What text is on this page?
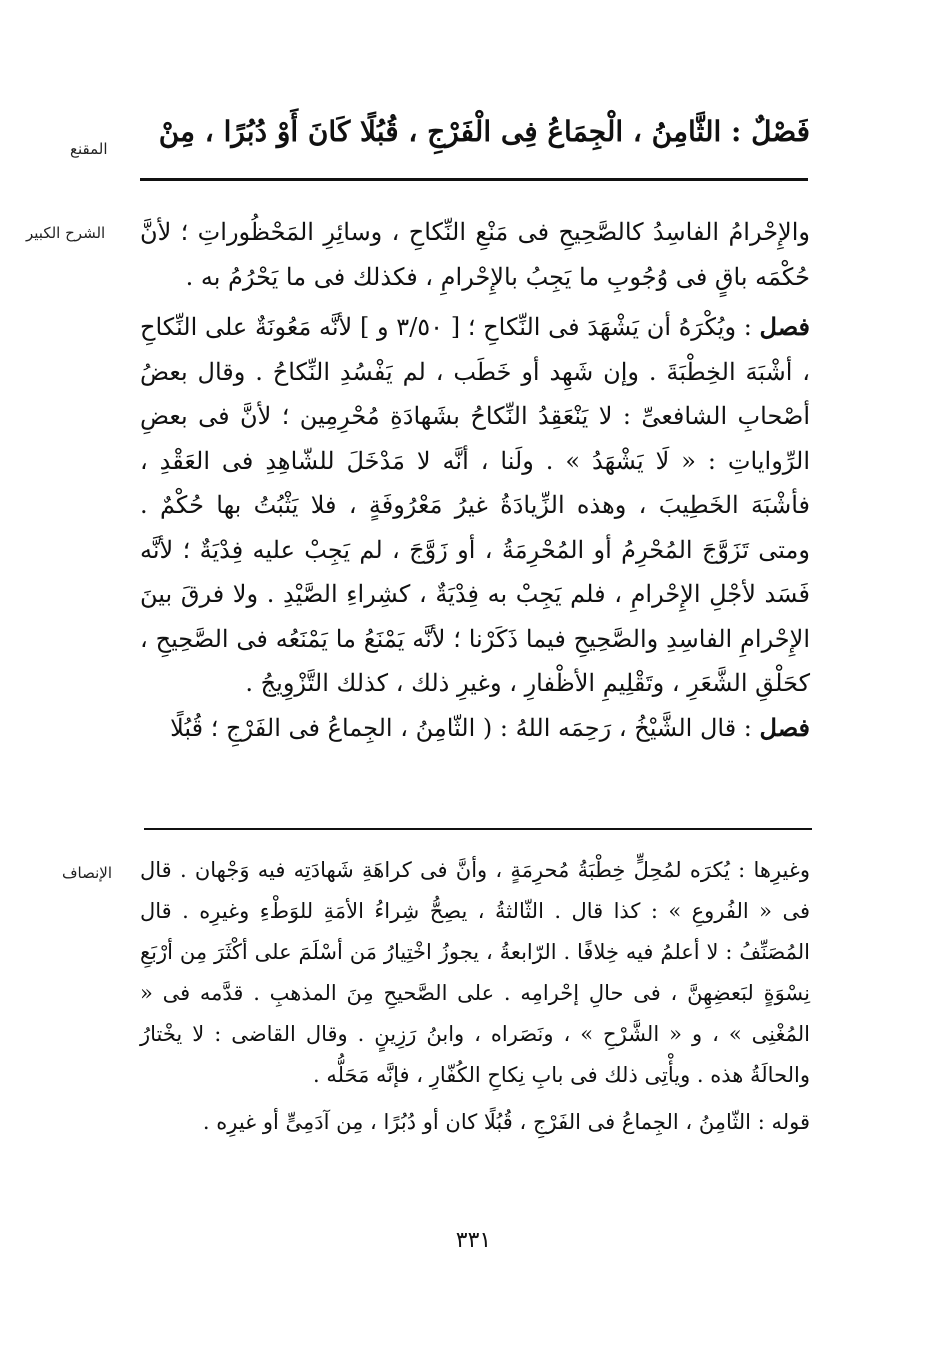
المقنع
فَصْلٌ : الثَّامِنُ ، الْجِمَاعُ فِى الْفَرْجِ ، قُبُلًا كَانَ أَوْ دُبُرًا ، مِنْ
الشرح الكبير والإِحْرامُ الفاسِدُ كالصَّحِيحِ فى مَنْعِ النِّكاحِ ، وسائِرِ المَحْظُوراتِ ؛ لأنَّ حُكْمَه باقٍ فى وُجُوبِ ما يَجِبُ بالإِحْرامِ ، فكذلك فى ما يَحْرُمُ به .

فصل : ويُكْرَهُ أن يَشْهَدَ فى النِّكاحِ ؛ [ ٣/٥٠ و ] لأنَّه مَعُونَةٌ على النِّكاحِ ، أشْبَهَ الخِطْبَةَ . وإن شَهِد أو خَطَب ، لم يَفْسُدِ النِّكاحُ . وقال بعضُ أصْحابِ الشافعىِّ : لا يَنْعَقِدُ النِّكاحُ بشَهادَةِ مُحْرِمِين ؛ لأنَّ فى بعضِ الرِّواياتِ : « لَا يَشْهَدُ » . ولَنا ، أنَّه لا مَدْخَلَ للشّاهِدِ فى العَقْدِ ، فأشْبَهَ الخَطِيبَ ، وهذه الزِّيادَةُ غيرُ مَعْرُوفَةٍ ، فلا يَثْبُتُ بها حُكْمٌ . ومتى تَزَوَّجَ المُحْرِمُ أو المُحْرِمَةُ ، أو زَوَّجَ ، لم يَجِبْ عليه فِدْيَةٌ ؛ لأنَّه فَسَد لأجْلِ الإِحْرامِ ، فلم يَجِبْ به فِدْيَةٌ ، كشِراءِ الصَّيْدِ . ولا فرقَ بينَ الإِحْرامِ الفاسِدِ والصَّحِيحِ فيما ذَكَرْنا ؛ لأنَّه يَمْنَعُ ما يَمْنَعُه فى الصَّحِيحِ ، كحَلْقِ الشَّعَرِ ، وتَقْلِيمِ الأظْفارِ ، وغيرِ ذلك ، كذلك التَّزْوِيجُ .

فصل : قال الشَّيْخُ ، رَحِمَه اللهُ : ( الثّامِنُ ، الجِماعُ فى الفَرْجِ ؛ قُبُلًا

الإنصاف وغيرِها : يُكرَه لمُحِلٍّ خِطْبَةُ مُحرِمَةٍ ، وأنَّ فى كراهَةِ شَهادَتِه فيه وَجْهان . قال فى « الفُروعِ » : كذا قال . الثّالثةُ ، يصِحُّ شِراءُ الأمَةِ للوَطْءِ وغيرِه . قال المُصَنِّفُ : لا أعلمُ فيه خِلافًا . الرّابعةُ ، يجوزُ اخْتِيارُ مَن أسْلَمَ على أكْثَرَ مِن أرْبَعِ نِسْوَةٍ لبَعضِهِنَّ ، فى حالِ إحْرامِه . على الصَّحيحِ مِنَ المذهبِ . قدَّمه فى « المُغْنِى » ، و « الشَّرْحِ » ، ونَصَراه ، وابنُ رَزِينٍ . وقال القاضى : لا يخْتارُ والحالَةُ هذه . ويأْتِى ذلك فى بابِ نِكاحِ الكُفّارِ ، فإنَّه مَحَلُّه .

قوله : الثّامِنُ ، الجِماعُ فى الفَرْجِ ، قُبُلًا كان أو دُبُرًا ، مِن آدَمِىٍّ أو غيرِه .

٣٣١
